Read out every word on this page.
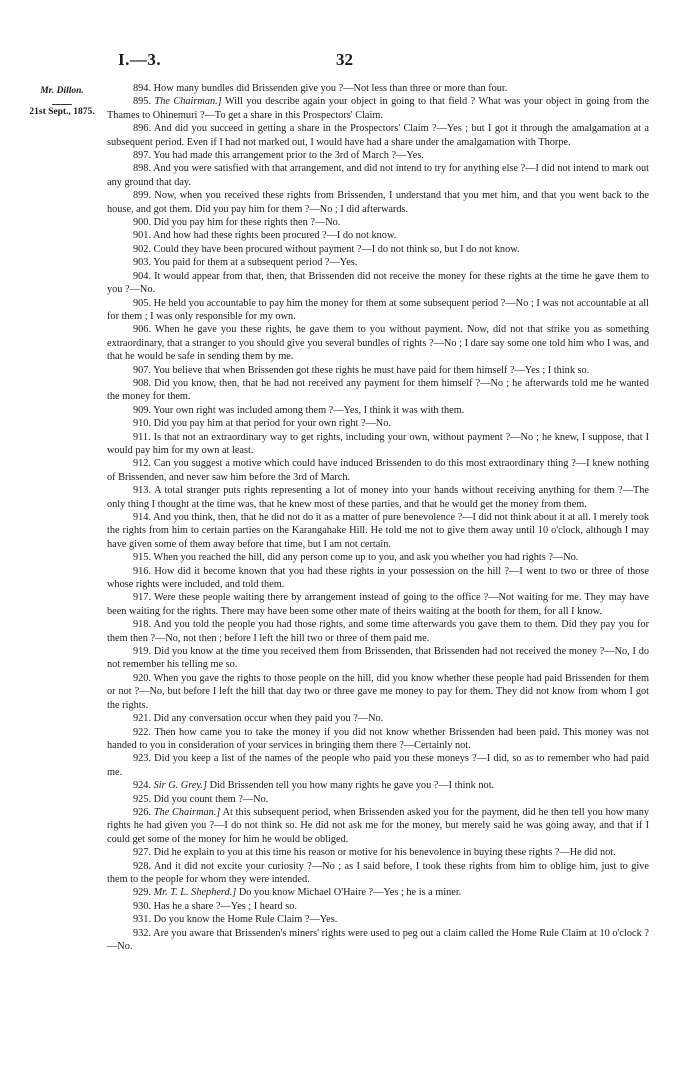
I.—3.	32
Mr. Dillon.
21st Sept., 1875.

894. How many bundles did Brissenden give you ?—Not less than three or more than four.

895. The Chairman.] Will you describe again your object in going to that field ? What was your object in going from the Thames to Ohinemuri ?—To get a share in this Prospectors' Claim.

896. And did you succeed in getting a share in the Prospectors' Claim ?—Yes ; but I got it through the amalgamation at a subsequent period. Even if I had not marked out, I would have had a share under the amalgamation with Thorpe.

897. You had made this arrangement prior to the 3rd of March ?—Yes.

898. And you were satisfied with that arrangement, and did not intend to try for anything else ?—I did not intend to mark out any ground that day.

899. Now, when you received these rights from Brissenden, I understand that you met him, and that you went back to the house, and got them. Did you pay him for them ?—No ; I did afterwards.

900. Did you pay him for these rights then ?—No.

901. And how had these rights been procured ?—I do not know.

902. Could they have been procured without payment ?—I do not think so, but I do not know.

903. You paid for them at a subsequent period ?—Yes.

904. It would appear from that, then, that Brissenden did not receive the money for these rights at the time he gave them to you ?—No.

905. He held you accountable to pay him the money for them at some subsequent period ?—No ; I was not accountable at all for them ; I was only responsible for my own.

906. When he gave you these rights, he gave them to you without payment. Now, did not that strike you as something extraordinary, that a stranger to you should give you several bundles of rights ?—No ; I dare say some one told him who I was, and that he would be safe in sending them by me.

907. You believe that when Brissenden got these rights he must have paid for them himself ?—Yes ; I think so.

908. Did you know, then, that he had not received any payment for them himself ?—No ; he afterwards told me he wanted the money for them.

909. Your own right was included among them ?—Yes, I think it was with them.

910. Did you pay him at that period for your own right ?—No.

911. Is that not an extraordinary way to get rights, including your own, without payment ?—No ; he knew, I suppose, that I would pay him for my own at least.

912. Can you suggest a motive which could have induced Brissenden to do this most extraordinary thing ?—I knew nothing of Brissenden, and never saw him before the 3rd of March.

913. A total stranger puts rights representing a lot of money into your hands without receiving anything for them ?—The only thing I thought at the time was, that he knew most of these parties, and that he would get the money from them.

914. And you think, then, that he did not do it as a matter of pure benevolence ?—I did not think about it at all. I merely took the rights from him to certain parties on the Karangahake Hill. He told me not to give them away until 10 o'clock, although I may have given some of them away before that time, but I am not certain.

915. When you reached the hill, did any person come up to you, and ask you whether you had rights ?—No.

916. How did it become known that you had these rights in your possession on the hill ?—I went to two or three of those whose rights were included, and told them.

917. Were these people waiting there by arrangement instead of going to the office ?—Not waiting for me. They may have been waiting for the rights. There may have been some other mate of theirs waiting at the booth for them, for all I know.

918. And you told the people you had those rights, and some time afterwards you gave them to them. Did they pay you for them then ?—No, not then ; before I left the hill two or three of them paid me.

919. Did you know at the time you received them from Brissenden, that Brissenden had not received the money ?—No, I do not remember his telling me so.

920. When you gave the rights to those people on the hill, did you know whether these people had paid Brissenden for them or not ?—No, but before I left the hill that day two or three gave me money to pay for them. They did not know from whom I got the rights.

921. Did any conversation occur when they paid you ?—No.

922. Then how came you to take the money if you did not know whether Brissenden had been paid. This money was not handed to you in consideration of your services in bringing them there ?—Certainly not.

923. Did you keep a list of the names of the people who paid you these moneys ?—I did, so as to remember who had paid me.

924. Sir G. Grey.] Did Brissenden tell you how many rights he gave you ?—I think not.

925. Did you count them ?—No.

926. The Chairman.] At this subsequent period, when Brissenden asked you for the payment, did he then tell you how many rights he had given you ?—I do not think so. He did not ask me for the money, but merely said he was going away, and that if I could get some of the money for him he would be obliged.

927. Did he explain to you at this time his reason or motive for his benevolence in buying these rights ?—He did not.

928. And it did not excite your curiosity ?—No ; as I said before, I took these rights from him to oblige him, just to give them to the people for whom they were intended.

929. Mr. T. L. Shepherd.] Do you know Michael O'Haire ?—Yes ; he is a miner.

930. Has he a share ?—Yes ; I heard so.

931. Do you know the Home Rule Claim ?—Yes.

932. Are you aware that Brissenden's miners' rights were used to peg out a claim called the Home Rule Claim at 10 o'clock ?—No.
